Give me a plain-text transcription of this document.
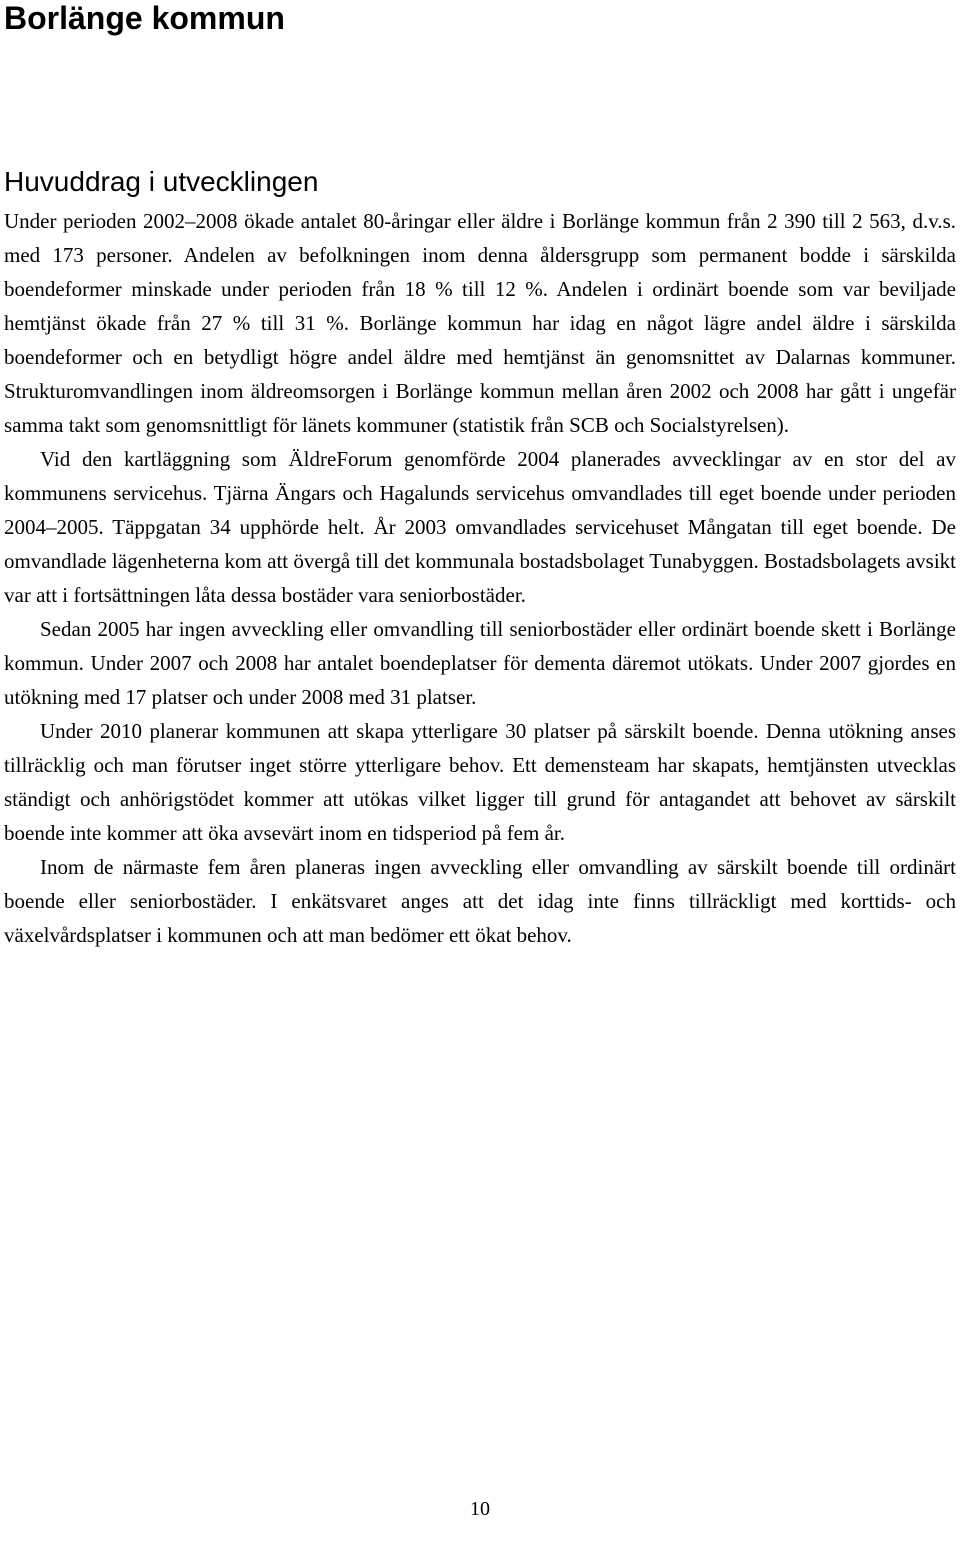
Borlänge kommun
Huvuddrag i utvecklingen

Under perioden 2002–2008 ökade antalet 80-åringar eller äldre i Borlänge kommun från 2 390 till 2 563, d.v.s. med 173 personer. Andelen av befolkningen inom denna åldersgrupp som permanent bodde i särskilda boendeformer minskade under perioden från 18 % till 12 %. Andelen i ordinärt boende som var beviljade hemtjänst ökade från 27 % till 31 %. Borlänge kommun har idag en något lägre andel äldre i särskilda boendeformer och en betydligt högre andel äldre med hemtjänst än genomsnittet av Dalarnas kommuner. Strukturomvandlingen inom äldreomsorgen i Borlänge kommun mellan åren 2002 och 2008 har gått i ungefär samma takt som genomsnittligt för länets kommuner (statistik från SCB och Socialstyrelsen).

Vid den kartläggning som ÄldreForum genomförde 2004 planerades avvecklingar av en stor del av kommunens servicehus. Tjärna Ängars och Hagalunds servicehus omvandlades till eget boende under perioden 2004–2005. Täppgatan 34 upphörde helt. År 2003 omvandlades servicehuset Mångatan till eget boende. De omvandlade lägenheterna kom att övergå till det kommunala bostadsbolaget Tunabyggen. Bostadsbolagets avsikt var att i fortsättningen låta dessa bostäder vara seniorbostäder.

Sedan 2005 har ingen avveckling eller omvandling till seniorbostäder eller ordinärt boende skett i Borlänge kommun. Under 2007 och 2008 har antalet boendeplatser för dementa däremot utökats. Under 2007 gjordes en utökning med 17 platser och under 2008 med 31 platser.

Under 2010 planerar kommunen att skapa ytterligare 30 platser på särskilt boende. Denna utökning anses tillräcklig och man förutser inget större ytterligare behov. Ett demensteam har skapats, hemtjänsten utvecklas ständigt och anhörigstödet kommer att utökas vilket ligger till grund för antagandet att behovet av särskilt boende inte kommer att öka avsevärt inom en tidsperiod på fem år.

Inom de närmaste fem åren planeras ingen avveckling eller omvandling av särskilt boende till ordinärt boende eller seniorbostäder. I enkätsvaret anges att det idag inte finns tillräckligt med korttids- och växelvårdsplatser i kommunen och att man bedömer ett ökat behov.

10
